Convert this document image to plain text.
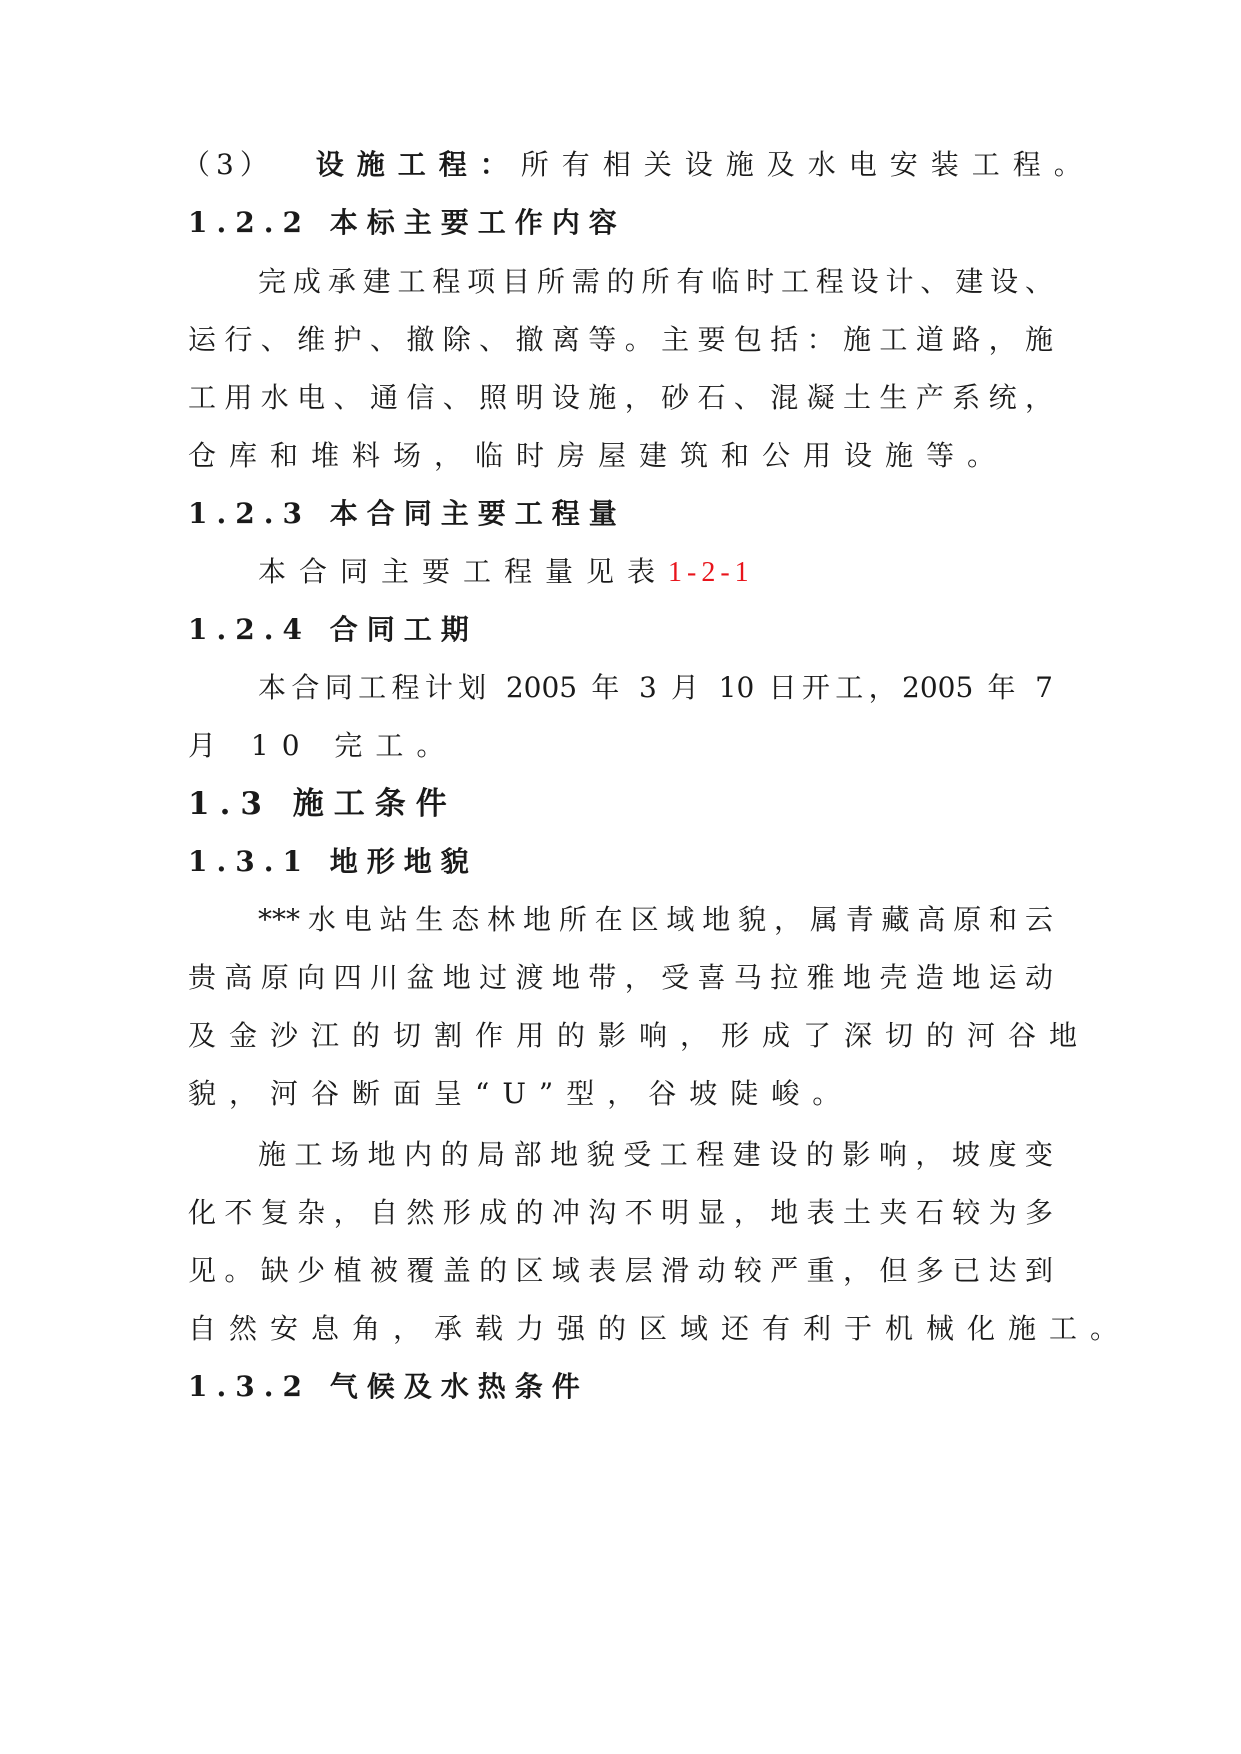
（3） 设施工程：所有相关设施及水电安装工程。
1.2.2 本标主要工作内容
完成承建工程项目所需的所有临时工程设计、建设、
运行、维护、撤除、撤离等。主要包括：施工道路，施
工用水电、通信、照明设施，砂石、混凝土生产系统，
仓库和堆料场，临时房屋建筑和公用设施等。
1.2.3 本合同主要工程量
本合同主要工程量见表1-2-1
1.2.4 合同工期
本合同工程计划 2005 年 3 月 10 日开工，2005 年 7
月 10 完工。
1.3 施工条件
1.3.1 地形地貌
***水电站生态林地所在区域地貌，属青藏高原和云
贵高原向四川盆地过渡地带，受喜马拉雅地壳造地运动
及金沙江的切割作用的影响，形成了深切的河谷地
貌，河谷断面呈“U”型，谷坡陡峻。
施工场地内的局部地貌受工程建设的影响，坡度变
化不复杂，自然形成的冲沟不明显，地表土夹石较为多
见。缺少植被覆盖的区域表层滑动较严重，但多已达到
自然安息角，承载力强的区域还有利于机械化施工。
1.3.2 气候及水热条件
